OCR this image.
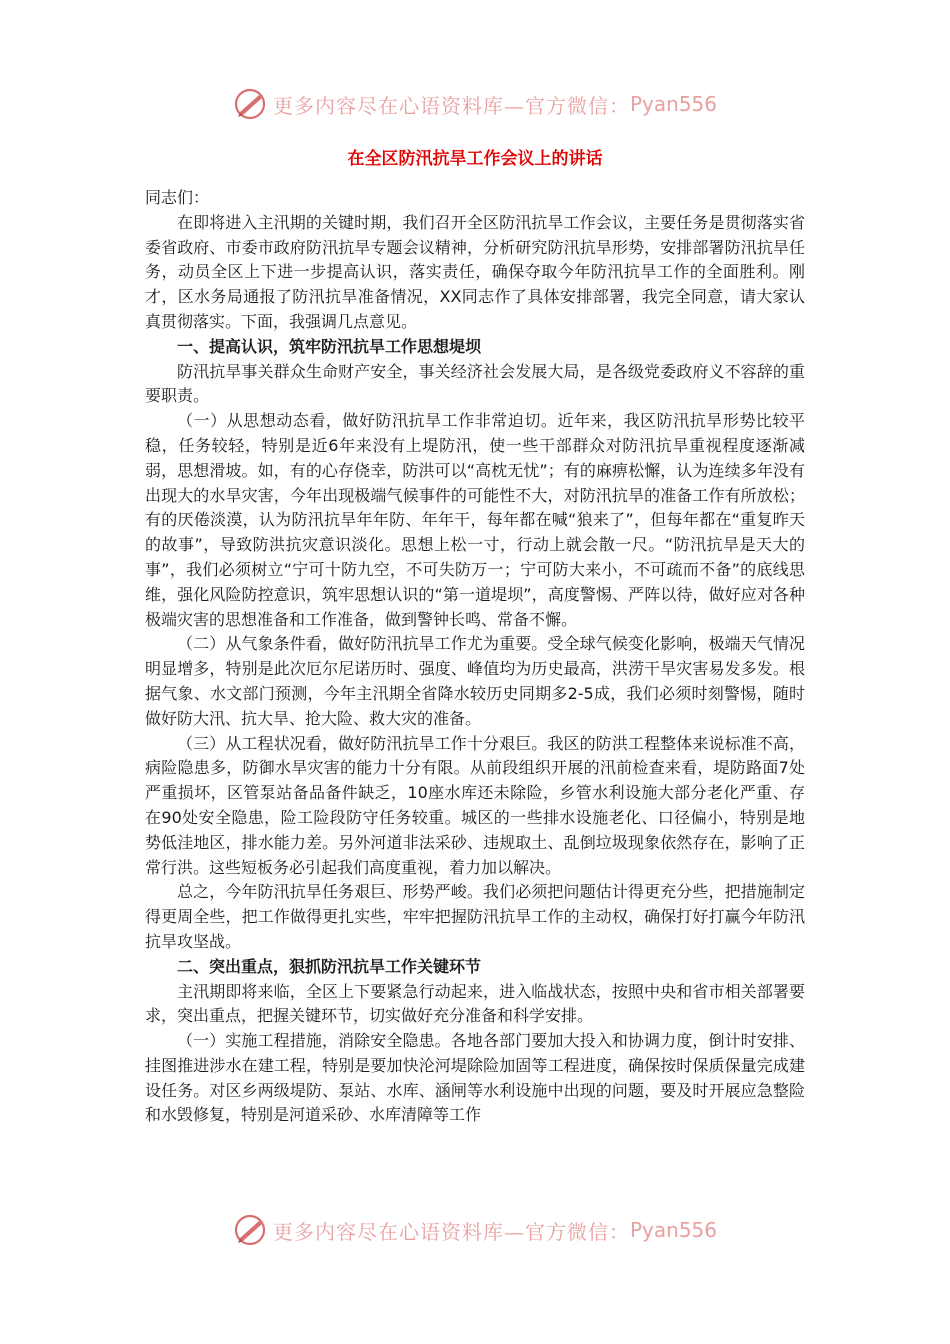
更多内容尽在心语资料库—官方微信： Pyan556
在全区防汛抗旱工作会议上的讲话

同志们：

在即将进入主汛期的关键时期，我们召开全区防汛抗旱工作会议，主要任务是贯彻落实省委省政府、市委市政府防汛抗旱专题会议精神，分析研究防汛抗旱形势，安排部署防汛抗旱任务，动员全区上下进一步提高认识，落实责任，确保夺取今年防汛抗旱工作的全面胜利。刚才，区水务局通报了防汛抗旱准备情况，XX同志作了具体安排部署，我完全同意，请大家认真贯彻落实。下面，我强调几点意见。

一、提高认识，筑牢防汛抗旱工作思想堤坝

防汛抗旱事关群众生命财产安全，事关经济社会发展大局，是各级党委政府义不容辞的重要职责。

（一）从思想动态看，做好防汛抗旱工作非常迫切。近年来，我区防汛抗旱形势比较平稳，任务较轻，特别是近6年来没有上堤防汛，使一些干部群众对防汛抗旱重视程度逐渐减弱，思想滑坡。如，有的心存侥幸，防洪可以“高枕无忧”；有的麻痹松懈，认为连续多年没有出现大的水旱灾害，今年出现极端气候事件的可能性不大，对防汛抗旱的准备工作有所放松；有的厌倦淡漠，认为防汛抗旱年年防、年年干，每年都在喊“狼来了”，但每年都在“重复昨天的故事”，导致防洪抗灾意识淡化。思想上松一寸，行动上就会散一尺。“防汛抗旱是天大的事”，我们必须树立“宁可十防九空，不可失防万一；宁可防大来小，不可疏而不备”的底线思维，强化风险防控意识，筑牢思想认识的“第一道堤坝”，高度警惕、严阵以待，做好应对各种极端灾害的思想准备和工作准备，做到警钟长鸣、常备不懈。

（二）从气象条件看，做好防汛抗旱工作尤为重要。受全球气候变化影响，极端天气情况明显增多，特别是此次厄尔尼诺历时、强度、峰值均为历史最高，洪涝干旱灾害易发多发。根据气象、水文部门预测，今年主汛期全省降水较历史同期多2-5成，我们必须时刻警惕，随时做好防大汛、抗大旱、抢大险、救大灾的准备。

（三）从工程状况看，做好防汛抗旱工作十分艰巨。我区的防洪工程整体来说标准不高，病险隐患多，防御水旱灾害的能力十分有限。从前段组织开展的汛前检查来看，堤防路面7处严重损坏，区管泵站备品备件缺乏，10座水库还未除险，乡管水利设施大部分老化严重、存在90处安全隐患，险工险段防守任务较重。城区的一些排水设施老化、口径偏小，特别是地势低洼地区，排水能力差。另外河道非法采砂、违规取土、乱倒垃圾现象依然存在，影响了正常行洪。这些短板务必引起我们高度重视，着力加以解决。

总之，今年防汛抗旱任务艰巨、形势严峻。我们必须把问题估计得更充分些，把措施制定得更周全些，把工作做得更扎实些，牢牢把握防汛抗旱工作的主动权，确保打好打赢今年防汛抗旱攻坚战。

二、突出重点，狠抓防汛抗旱工作关键环节

主汛期即将来临，全区上下要紧急行动起来，进入临战状态，按照中央和省市相关部署要求，突出重点，把握关键环节，切实做好充分准备和科学安排。

（一）实施工程措施，消除安全隐患。各地各部门要加大投入和协调力度，倒计时安排、挂图推进涉水在建工程，特别是要加快沦河堤除险加固等工程进度，确保按时保质保量完成建设任务。对区乡两级堤防、泵站、水库、涵闸等水利设施中出现的问题，要及时开展应急整险和水毁修复，特别是河道采砂、水库清障等工作

更多内容尽在心语资料库—官方微信： Pyan556
